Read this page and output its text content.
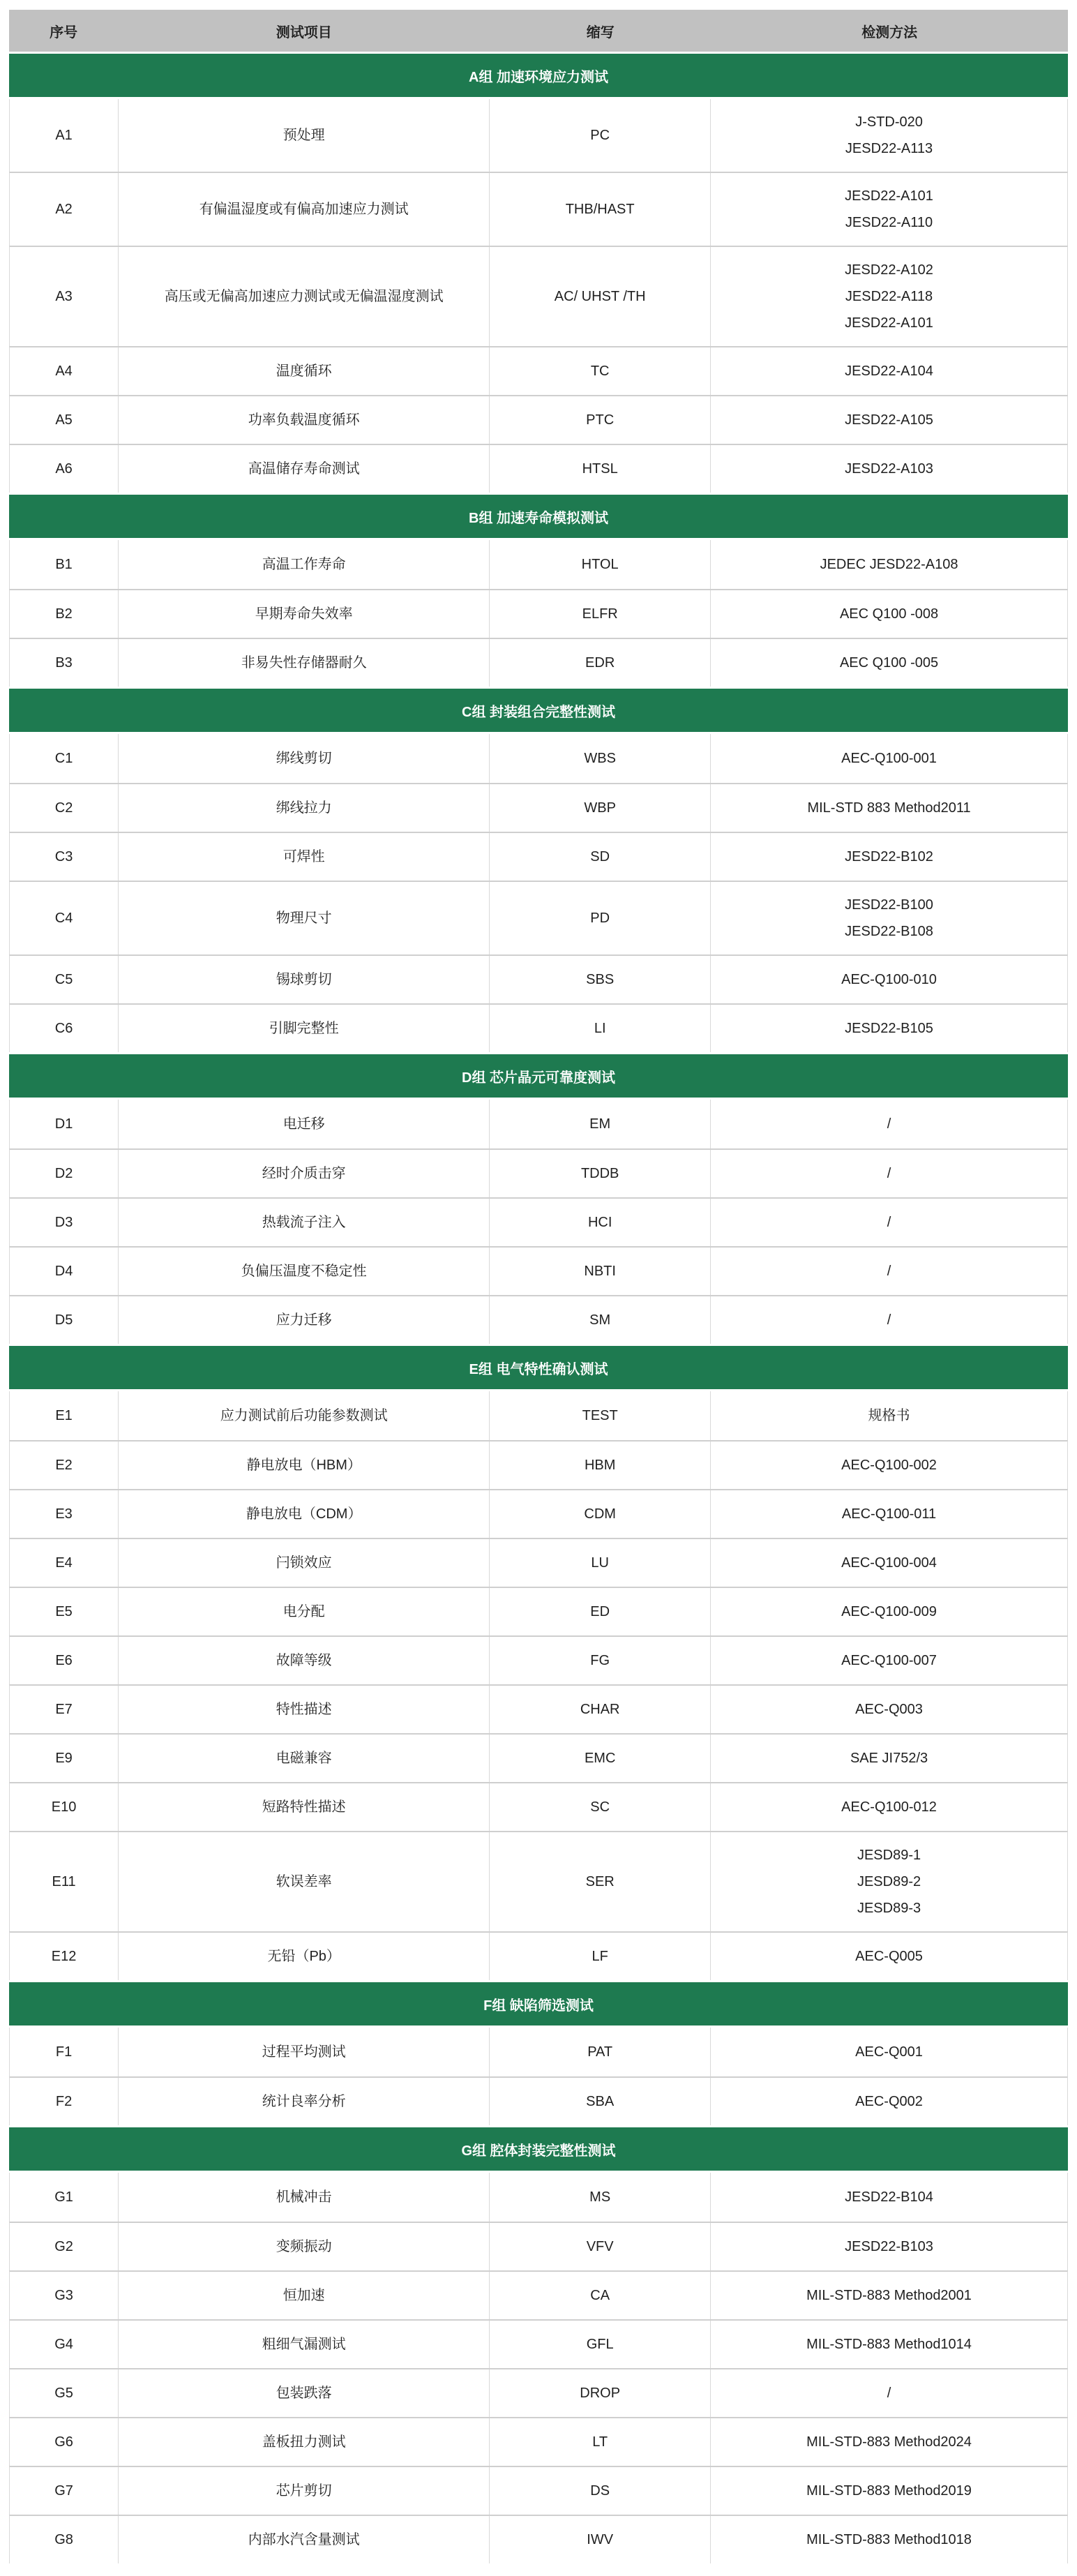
序号	测试项目	缩写	检测方法
A组 加速环境应力测试
A1	预处理	PC
J-STD-020
JESD22-A113
A2	有偏温湿度或有偏高加速应力测试	THB/HAST
JESD22-A101
JESD22-A110
A3	高压或无偏高加速应力测试或无偏温湿度测试	AC/ UHST /TH
JESD22-A102
JESD22-A118
JESD22-A101
A4	温度循环	TC	JESD22-A104
A5	功率负载温度循环	PTC	JESD22-A105
A6	高温储存寿命测试	HTSL	JESD22-A103
B组 加速寿命模拟测试
B1	高温工作寿命	HTOL	JEDEC JESD22-A108
B2	早期寿命失效率	ELFR	AEC Q100 -008
B3	非易失性存储器耐久	EDR	AEC Q100 -005
C组 封装组合完整性测试
C1	绑线剪切	WBS	AEC-Q100-001
C2	绑线拉力	WBP	MIL-STD 883 Method2011
C3	可焊性	SD	JESD22-B102
C4	物理尺寸	PD
JESD22-B100
JESD22-B108
C5	锡球剪切	SBS	AEC-Q100-010
C6	引脚完整性	LI	JESD22-B105
D组 芯片晶元可靠度测试
D1	电迁移	EM	/
D2	经时介质击穿	TDDB	/
D3	热载流子注入	HCI	/
D4	负偏压温度不稳定性	NBTI	/
D5	应力迁移	SM	/
E组 电气特性确认测试
E1	应力测试前后功能参数测试	TEST	规格书
E2	静电放电（HBM）	HBM	AEC-Q100-002
E3	静电放电（CDM）	CDM	AEC-Q100-011
E4	闩锁效应	LU	AEC-Q100-004
E5	电分配	ED	AEC-Q100-009
E6	故障等级	FG	AEC-Q100-007
E7	特性描述	CHAR	AEC-Q003
E9	电磁兼容	EMC	SAE JI752/3
E10	短路特性描述	SC	AEC-Q100-012
E11	软误差率	SER
JESD89-1
JESD89-2
JESD89-3
E12	无铅（Pb）	LF	AEC-Q005
F组 缺陷筛选测试
F1	过程平均测试	PAT	AEC-Q001
F2	统计良率分析	SBA	AEC-Q002
G组 腔体封装完整性测试
G1	机械冲击	MS	JESD22-B104
G2	变频振动	VFV	JESD22-B103
G3	恒加速	CA	MIL-STD-883 Method2001
G4	粗细气漏测试	GFL	MIL-STD-883 Method1014
G5	包装跌落	DROP	/
G6	盖板扭力测试	LT	MIL-STD-883 Method2024
G7	芯片剪切	DS	MIL-STD-883 Method2019
G8	内部水汽含量测试	IWV	MIL-STD-883 Method1018
